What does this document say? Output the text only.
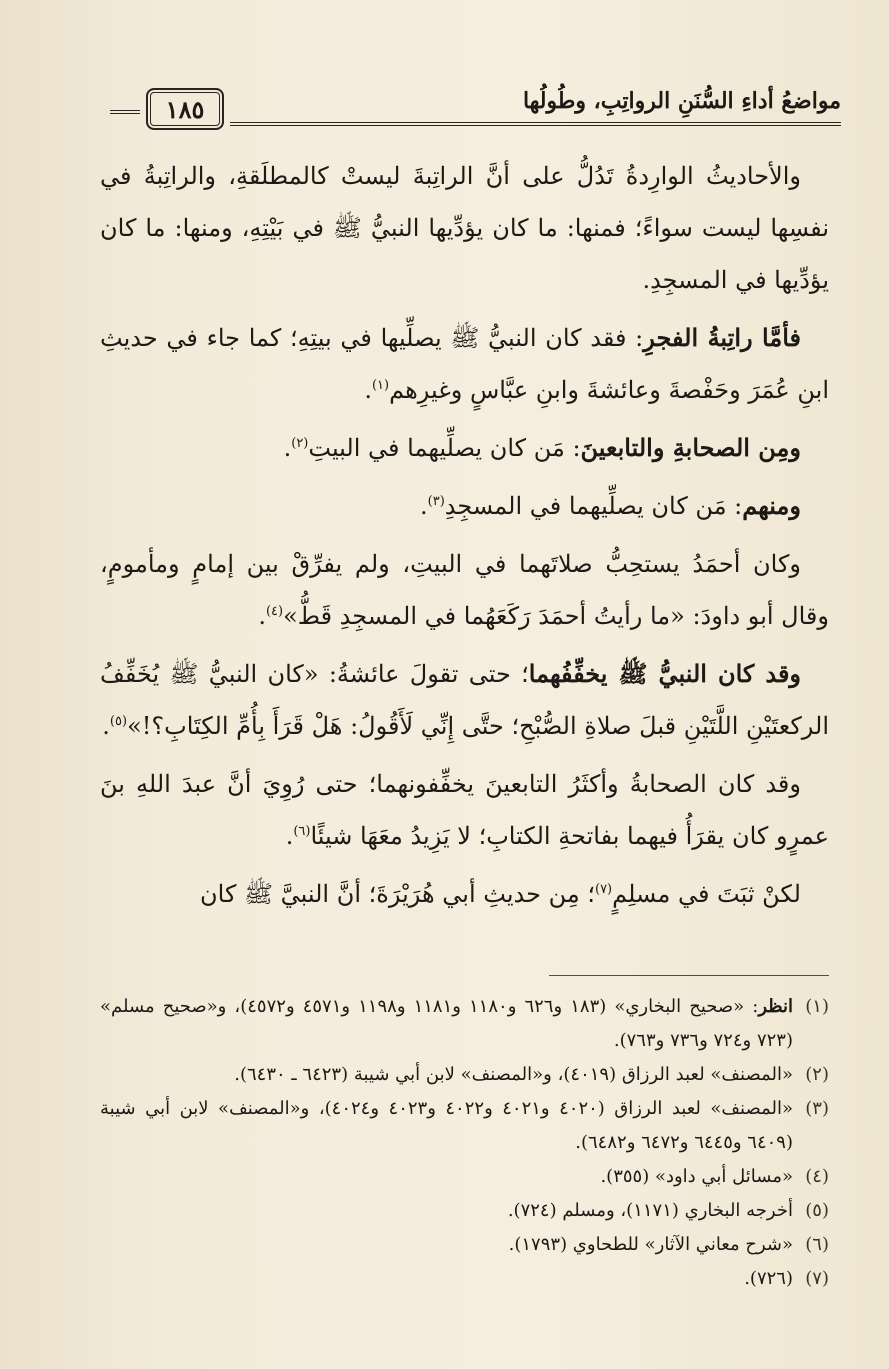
مواضعُ أداءِ السُّنَنِ الرواتِبِ، وطُولُها
١٨٥

والأحاديثُ الوارِدةُ تَدُلُّ على أنَّ الراتِبةَ ليستْ كالمطلَقةِ، والراتِبةُ في نفسِها ليست سواءً؛ فمنها: ما كان يؤدِّيها النبيُّ ﷺ في بَيْتِهِ، ومنها: ما كان يؤدِّيها في المسجِدِ.

فأمَّا راتِبةُ الفجرِ: فقد كان النبيُّ ﷺ يصلِّيها في بيتِهِ؛ كما جاء في حديثِ ابنِ عُمَرَ وحَفْصةَ وعائشةَ وابنِ عبَّاسٍ وغيرِهم$^{(١)}$.

ومِن الصحابةِ والتابعينَ: مَن كان يصلِّيهما في البيتِ$^{(٢)}$.

ومنهم: مَن كان يصلِّيهما في المسجِدِ$^{(٣)}$.

وكان أحمَدُ يستحِبُّ صلاتَهما في البيتِ، ولم يفرِّقْ بين إمامٍ ومأمومٍ، وقال أبو داودَ: «ما رأيتُ أحمَدَ رَكَعَهُما في المسجِدِ قَطُّ»$^{(٤)}$.

وقد كان النبيُّ ﷺ يخفِّفُهما؛ حتى تقولَ عائشةُ: «كان النبيُّ ﷺ يُخَفِّفُ الركعتَيْنِ اللَّتَيْنِ قبلَ صلاةِ الصُّبْحِ؛ حتَّى إِنِّي لَأَقُولُ: هَلْ قَرَأَ بِأُمِّ الكِتَابِ؟!»$^{(٥)}$.

وقد كان الصحابةُ وأكثَرُ التابعينَ يخفِّفونهما؛ حتى رُوِيَ أنَّ عبدَ اللهِ بنَ عمرٍو كان يقرَأُ فيهما بفاتحةِ الكتابِ؛ لا يَزِيدُ معَهَا شيئًا$^{(٦)}$.

لكنْ ثبَتَ في مسلِمٍ$^{(٧)}$؛ مِن حديثِ أبي هُرَيْرَةَ؛ أنَّ النبيَّ ﷺ كان

(١)
انظر: «صحيح البخاري» (١٨٣ و٦٢٦ و١١٨٠ و١١٨١ و١١٩٨ و٤٥٧١ و٤٥٧٢)، و«صحيح مسلم» (٧٢٣ و٧٢٤ و٧٣٦ و٧٦٣).
(٢)
«المصنف» لعبد الرزاق (٤٠١٩)، و«المصنف» لابن أبي شيبة (٦٤٢٣ ـ ٦٤٣٠).
(٣)
«المصنف» لعبد الرزاق (٤٠٢٠ و٤٠٢١ و٤٠٢٢ و٤٠٢٣ و٤٠٢٤)، و«المصنف» لابن أبي شيبة (٦٤٠٩ و٦٤٤٥ و٦٤٧٢ و٦٤٨٢).
(٤)
«مسائل أبي داود» (٣٥٥).
(٥)
أخرجه البخاري (١١٧١)، ومسلم (٧٢٤).
(٦)
«شرح معاني الآثار» للطحاوي (١٧٩٣).
(٧)
(٧٢٦).
